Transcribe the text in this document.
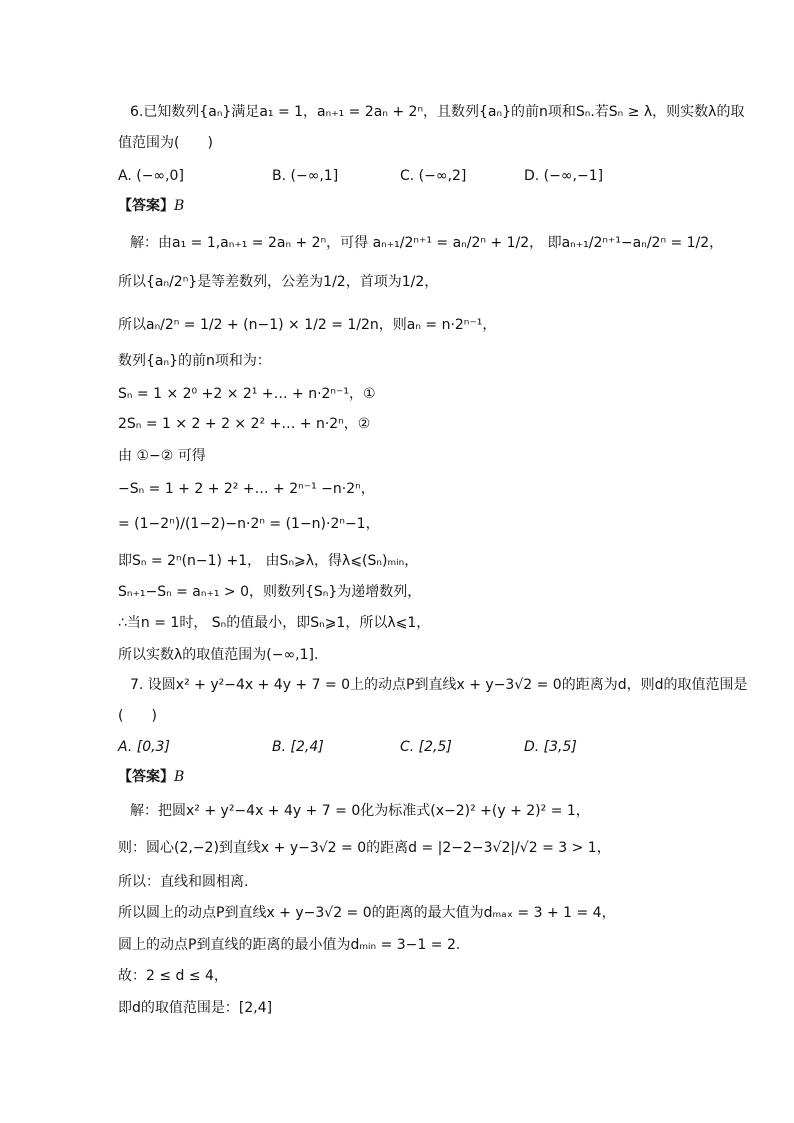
6.已知数列{aₙ}满足a₁ = 1，aₙ₊₁ = 2aₙ + 2ⁿ，且数列{aₙ}的前n项和Sₙ.若Sₙ ≥ λ，则实数λ的取
值范围为(　　)
A. (−∞,0]	B. (−∞,1]	C. (−∞,2]	D. (−∞,−1]
【答案】B
解：由a₁ = 1,aₙ₊₁ = 2aₙ + 2ⁿ，可得 aₙ₊₁/2ⁿ⁺¹ = aₙ/2ⁿ + 1/2， 即aₙ₊₁/2ⁿ⁺¹−aₙ/2ⁿ = 1/2，
所以{aₙ/2ⁿ}是等差数列，公差为1/2，首项为1/2，
所以aₙ/2ⁿ = 1/2 + (n−1) × 1/2 = 1/2n，则aₙ = n·2ⁿ⁻¹，
数列{aₙ}的前n项和为：
Sₙ = 1 × 2⁰ +2 × 2¹ +… + n·2ⁿ⁻¹，①
2Sₙ = 1 × 2 + 2 × 2² +… + n·2ⁿ，②
由 ①−② 可得
−Sₙ = 1 + 2 + 2² +… + 2ⁿ⁻¹ −n·2ⁿ，
= (1−2ⁿ)/(1−2)−n·2ⁿ = (1−n)·2ⁿ−1，
即Sₙ = 2ⁿ(n−1) +1， 由Sₙ⩾λ，得λ⩽(Sₙ)ₘᵢₙ，
Sₙ₊₁−Sₙ = aₙ₊₁ > 0，则数列{Sₙ}为递增数列，
∴当n = 1时， Sₙ的值最小，即Sₙ⩾1，所以λ⩽1，
所以实数λ的取值范围为(−∞,1].
7. 设圆x² + y²−4x + 4y + 7 = 0上的动点P到直线x + y−3√2 = 0的距离为d，则d的取值范围是
(　　)
A. [0,3]	B. [2,4]	C. [2,5]	D. [3,5]
【答案】B
解：把圆x² + y²−4x + 4y + 7 = 0化为标准式(x−2)² +(y + 2)² = 1，
则：圆心(2,−2)到直线x + y−3√2 = 0的距离d = |2−2−3√2|/√2 = 3 > 1，
所以：直线和圆相离.
所以圆上的动点P到直线x + y−3√2 = 0的距离的最大值为dₘₐₓ = 3 + 1 = 4，
圆上的动点P到直线的距离的最小值为dₘᵢₙ = 3−1 = 2.
故：2 ≤ d ≤ 4，
即d的取值范围是：[2,4]
